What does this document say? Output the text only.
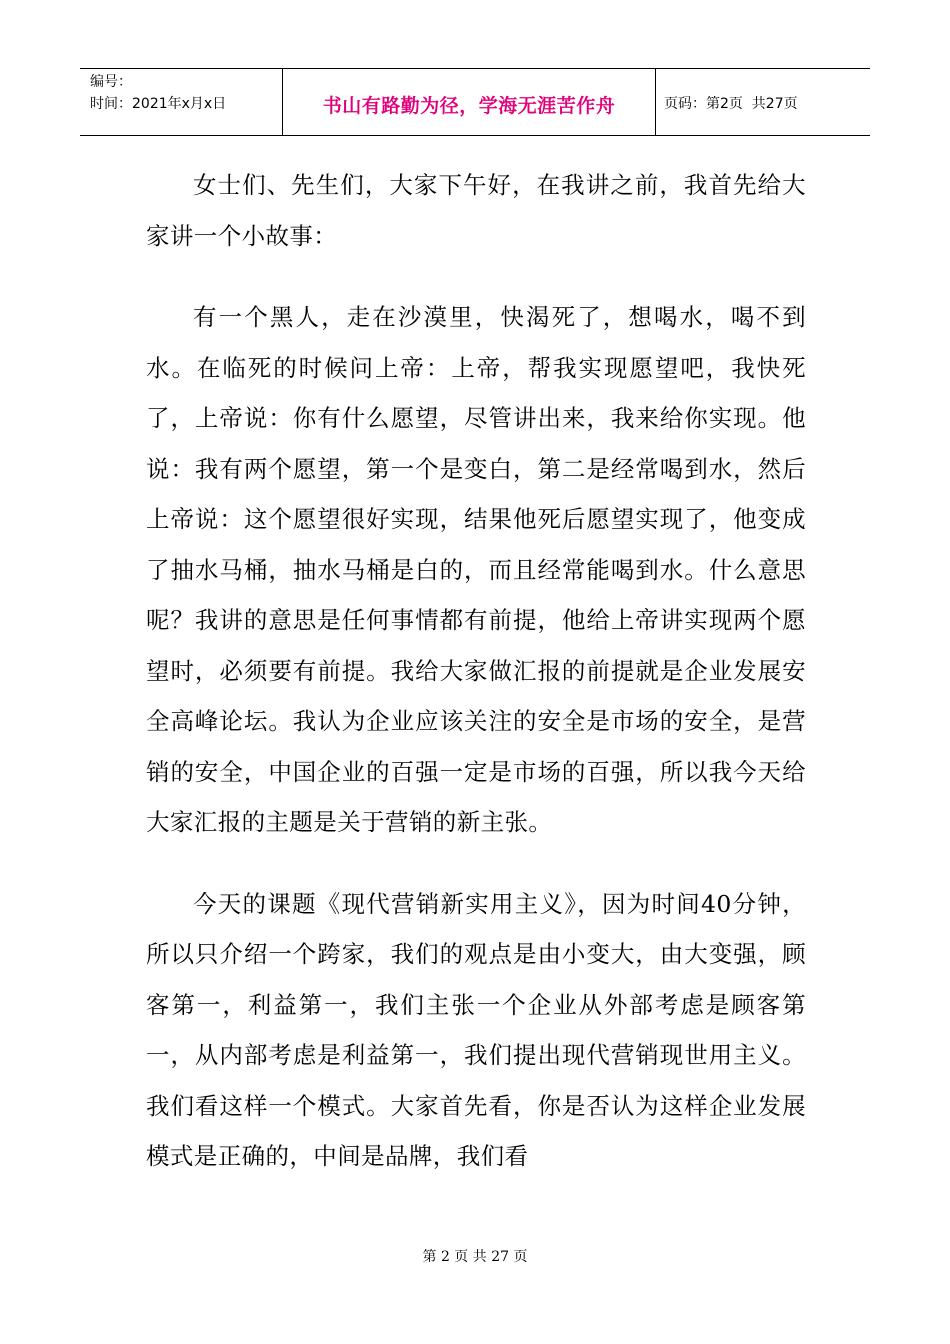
编号：
时间：2021年x月x日	书山有路勤为径，学海无涯苦作舟	页码：第2页  共27页

女士们、先生们，大家下午好，在我讲之前，我首先给大家讲一个小故事：

有一个黑人，走在沙漠里，快渴死了，想喝水，喝不到水。在临死的时候问上帝：上帝，帮我实现愿望吧，我快死了，上帝说：你有什么愿望，尽管讲出来，我来给你实现。他说：我有两个愿望，第一个是变白，第二是经常喝到水，然后上帝说：这个愿望很好实现，结果他死后愿望实现了，他变成了抽水马桶，抽水马桶是白的，而且经常能喝到水。什么意思呢？我讲的意思是任何事情都有前提，他给上帝讲实现两个愿望时，必须要有前提。我给大家做汇报的前提就是企业发展安全高峰论坛。我认为企业应该关注的安全是市场的安全，是营销的安全，中国企业的百强一定是市场的百强，所以我今天给大家汇报的主题是关于营销的新主张。

今天的课题《现代营销新实用主义》，因为时间40分钟，所以只介绍一个跨家，我们的观点是由小变大，由大变强，顾客第一，利益第一，我们主张一个企业从外部考虑是顾客第一，从内部考虑是利益第一，我们提出现代营销现世用主义。我们看这样一个模式。大家首先看，你是否认为这样企业发展模式是正确的，中间是品牌，我们看

第 2 页 共 27 页
